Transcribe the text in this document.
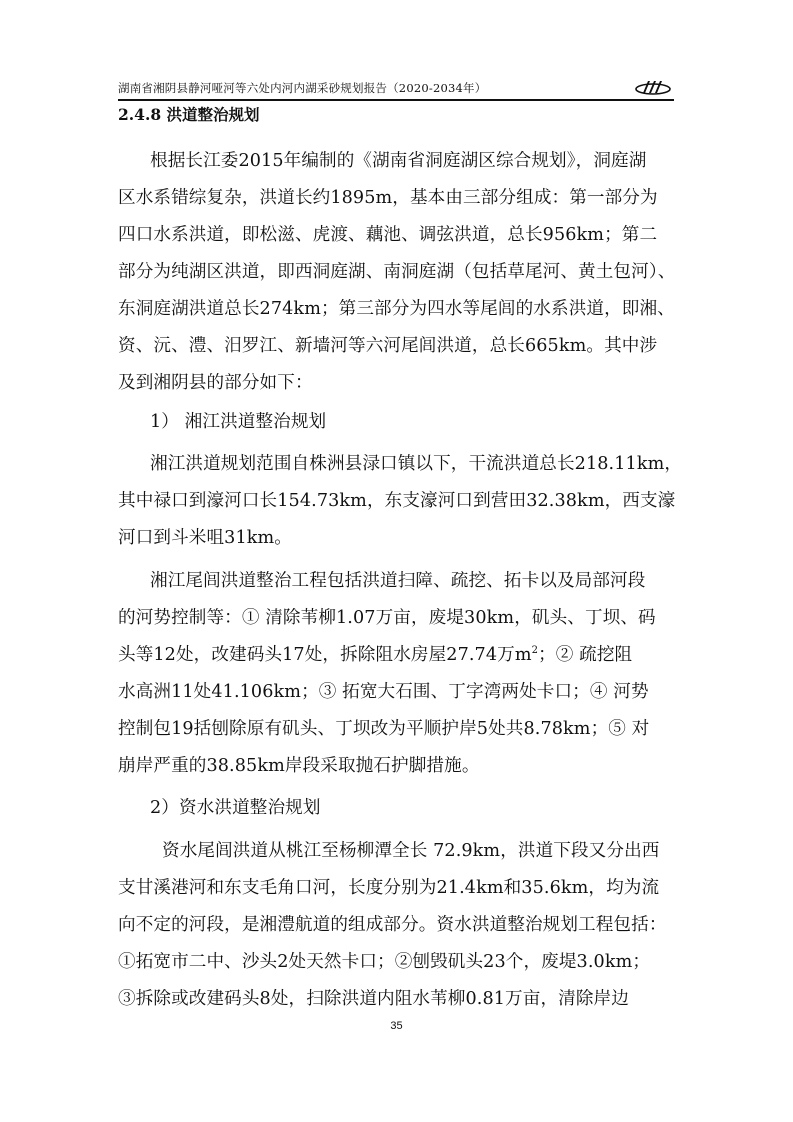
湖南省湘阴县静河哑河等六处内河内湖采砂规划报告（2020-2034年）
2.4.8 洪道整治规划
根据长江委2015年编制的《湖南省洞庭湖区综合规划》，洞庭湖
区水系错综复杂，洪道长约1895m，基本由三部分组成：第一部分为
四口水系洪道，即松滋、虎渡、藕池、调弦洪道，总长956km；第二
部分为纯湖区洪道，即西洞庭湖、南洞庭湖（包括草尾河、黄土包河）、
东洞庭湖洪道总长274km；第三部分为四水等尾闾的水系洪道，即湘、
资、沅、澧、汨罗江、新墙河等六河尾闾洪道，总长665km。其中涉
及到湘阴县的部分如下：
1） 湘江洪道整治规划
湘江洪道规划范围自株洲县渌口镇以下，干流洪道总长218.11km，
其中禄口到濠河口长154.73km，东支濠河口到营田32.38km，西支濠
河口到斗米咀31km。
湘江尾闾洪道整治工程包括洪道扫障、疏挖、拓卡以及局部河段
的河势控制等：① 清除苇柳1.07万亩，废堤30km，矶头、丁坝、码
头等12处，改建码头17处，拆除阻水房屋27.74万$m^2$；② 疏挖阻
水高洲11处41.106km；③ 拓宽大石围、丁字湾两处卡口；④ 河势
控制包19括刨除原有矶头、丁坝改为平顺护岸5处共8.78km；⑤ 对
崩岸严重的38.85km岸段采取抛石护脚措施。
2）资水洪道整治规划
资水尾闾洪道从桃江至杨柳潭全长 72.9km，洪道下段又分出西
支甘溪港河和东支毛角口河，长度分别为21.4km和35.6km，均为流
向不定的河段，是湘澧航道的组成部分。资水洪道整治规划工程包括：
①拓宽市二中、沙头2处天然卡口；②刨毁矶头23个，废堤3.0km；
③拆除或改建码头8处，扫除洪道内阻水苇柳0.81万亩，清除岸边
35
